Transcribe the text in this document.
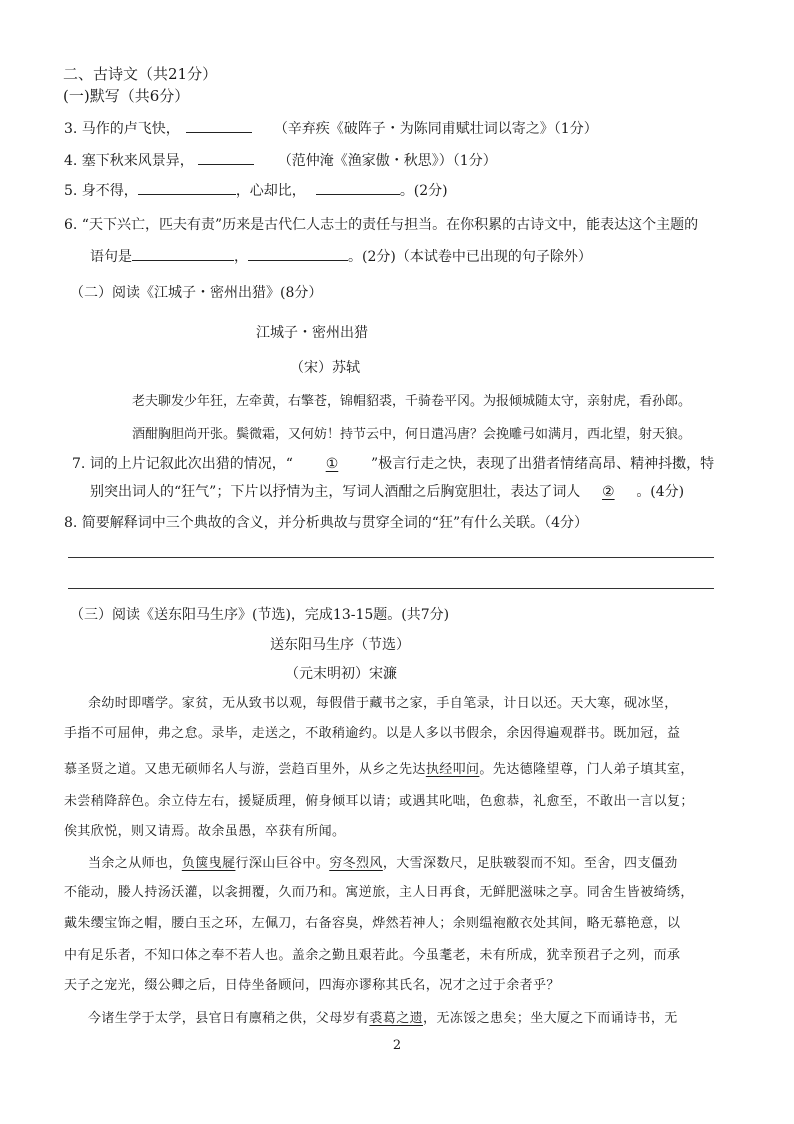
二、古诗文（共21分）
(一)默写（共6分）
3. 马作的卢飞快，	（辛弃疾《破阵子・为陈同甫赋壮词以寄之》（1分）
4. 塞下秋来风景异，	（范仲淹《渔家傲・秋思》）（1分）
5. 身不得，	，心却比，	。(2分)
6. “天下兴亡，匹夫有责”历来是古代仁人志士的责任与担当。在你积累的古诗文中，能表达这个主题的
语句是	，	。(2分)（本试卷中已出现的句子除外）
（二）阅读《江城子・密州出猎》(8分）
江城子・密州出猎
（宋）苏轼
老夫聊发少年狂，左牵黄，右擎苍，锦帽貂裘，千骑卷平冈。为报倾城随太守，亲射虎，看孙郎。
酒酣胸胆尚开张。鬓微霜，又何妨！持节云中，何日遣冯唐？会挽雕弓如满月，西北望，射天狼。
7. 词的上片记叙此次出猎的情况，“ ① ”极言行走之快，表现了出猎者情绪高昂、精神抖擞，特
别突出词人的“狂气”；下片以抒情为主，写词人酒酣之后胸宽胆壮，表达了词人 ② 。(4分)
8. 简要解释词中三个典故的含义，并分析典故与贯穿全词的“狂”有什么关联。（4分）
（三）阅读《送东阳马生序》(节选)，完成13-15题。(共7分)
送东阳马生序（节选）
（元末明初）宋濂
余幼时即嗜学。家贫，无从致书以观，每假借于藏书之家，手自笔录，计日以还。天大寒，砚冰坚，
手指不可屈伸，弗之怠。录毕，走送之，不敢稍逾约。以是人多以书假余，余因得遍观群书。既加冠，益
慕圣贤之道。又患无硕师名人与游，尝趋百里外，从乡之先达执经叩问。先达德隆望尊，门人弟子填其室，
未尝稍降辞色。余立侍左右，援疑质理，俯身倾耳以请；或遇其叱咄，色愈恭，礼愈至，不敢出一言以复；
俟其欣悦，则又请焉。故余虽愚，卒获有所闻。
当余之从师也，负箧曳屣行深山巨谷中。穷冬烈风，大雪深数尺，足肤皲裂而不知。至舍，四支僵劲
不能动，媵人持汤沃灌，以衾拥覆，久而乃和。寓逆旅，主人日再食，无鲜肥滋味之享。同舍生皆被绮绣，
戴朱缨宝饰之帽，腰白玉之环，左佩刀，右备容臭，烨然若神人；余则缊袍敝衣处其间，略无慕艳意，以
中有足乐者，不知口体之奉不若人也。盖余之勤且艰若此。今虽耄老，未有所成，犹幸预君子之列，而承
天子之宠光，缀公卿之后，日侍坐备顾问，四海亦谬称其氏名，况才之过于余者乎？
今诸生学于太学，县官日有廪稍之供，父母岁有裘葛之遗，无冻馁之患矣；坐大厦之下而诵诗书，无
2
